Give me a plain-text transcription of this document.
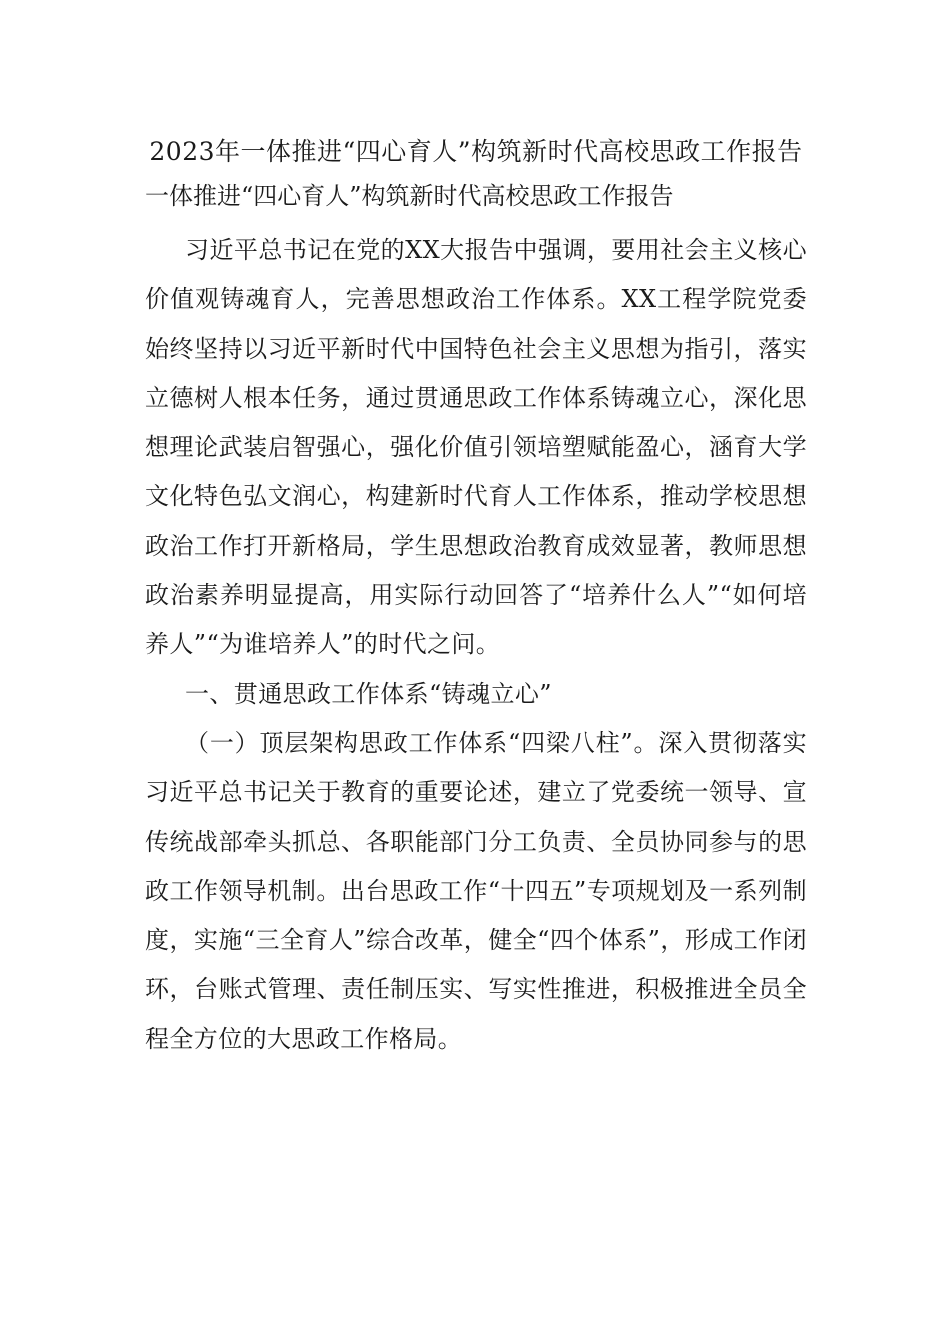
2023年一体推进“四心育人”构筑新时代高校思政工作报告

一体推进“四心育人”构筑新时代高校思政工作报告

习近平总书记在党的XX大报告中强调，要用社会主义核心价值观铸魂育人，完善思想政治工作体系。XX工程学院党委始终坚持以习近平新时代中国特色社会主义思想为指引，落实立德树人根本任务，通过贯通思政工作体系铸魂立心，深化思想理论武装启智强心，强化价值引领培塑赋能盈心，涵育大学文化特色弘文润心，构建新时代育人工作体系，推动学校思想政治工作打开新格局，学生思想政治教育成效显著，教师思想政治素养明显提高，用实际行动回答了“培养什么人”“如何培养人”“为谁培养人”的时代之问。

一、贯通思政工作体系“铸魂立心”

（一）顶层架构思政工作体系“四梁八柱”。深入贯彻落实习近平总书记关于教育的重要论述，建立了党委统一领导、宣传统战部牵头抓总、各职能部门分工负责、全员协同参与的思政工作领导机制。出台思政工作“十四五”专项规划及一系列制度，实施“三全育人”综合改革，健全“四个体系”，形成工作闭环，台账式管理、责任制压实、写实性推进，积极推进全员全程全方位的大思政工作格局。
